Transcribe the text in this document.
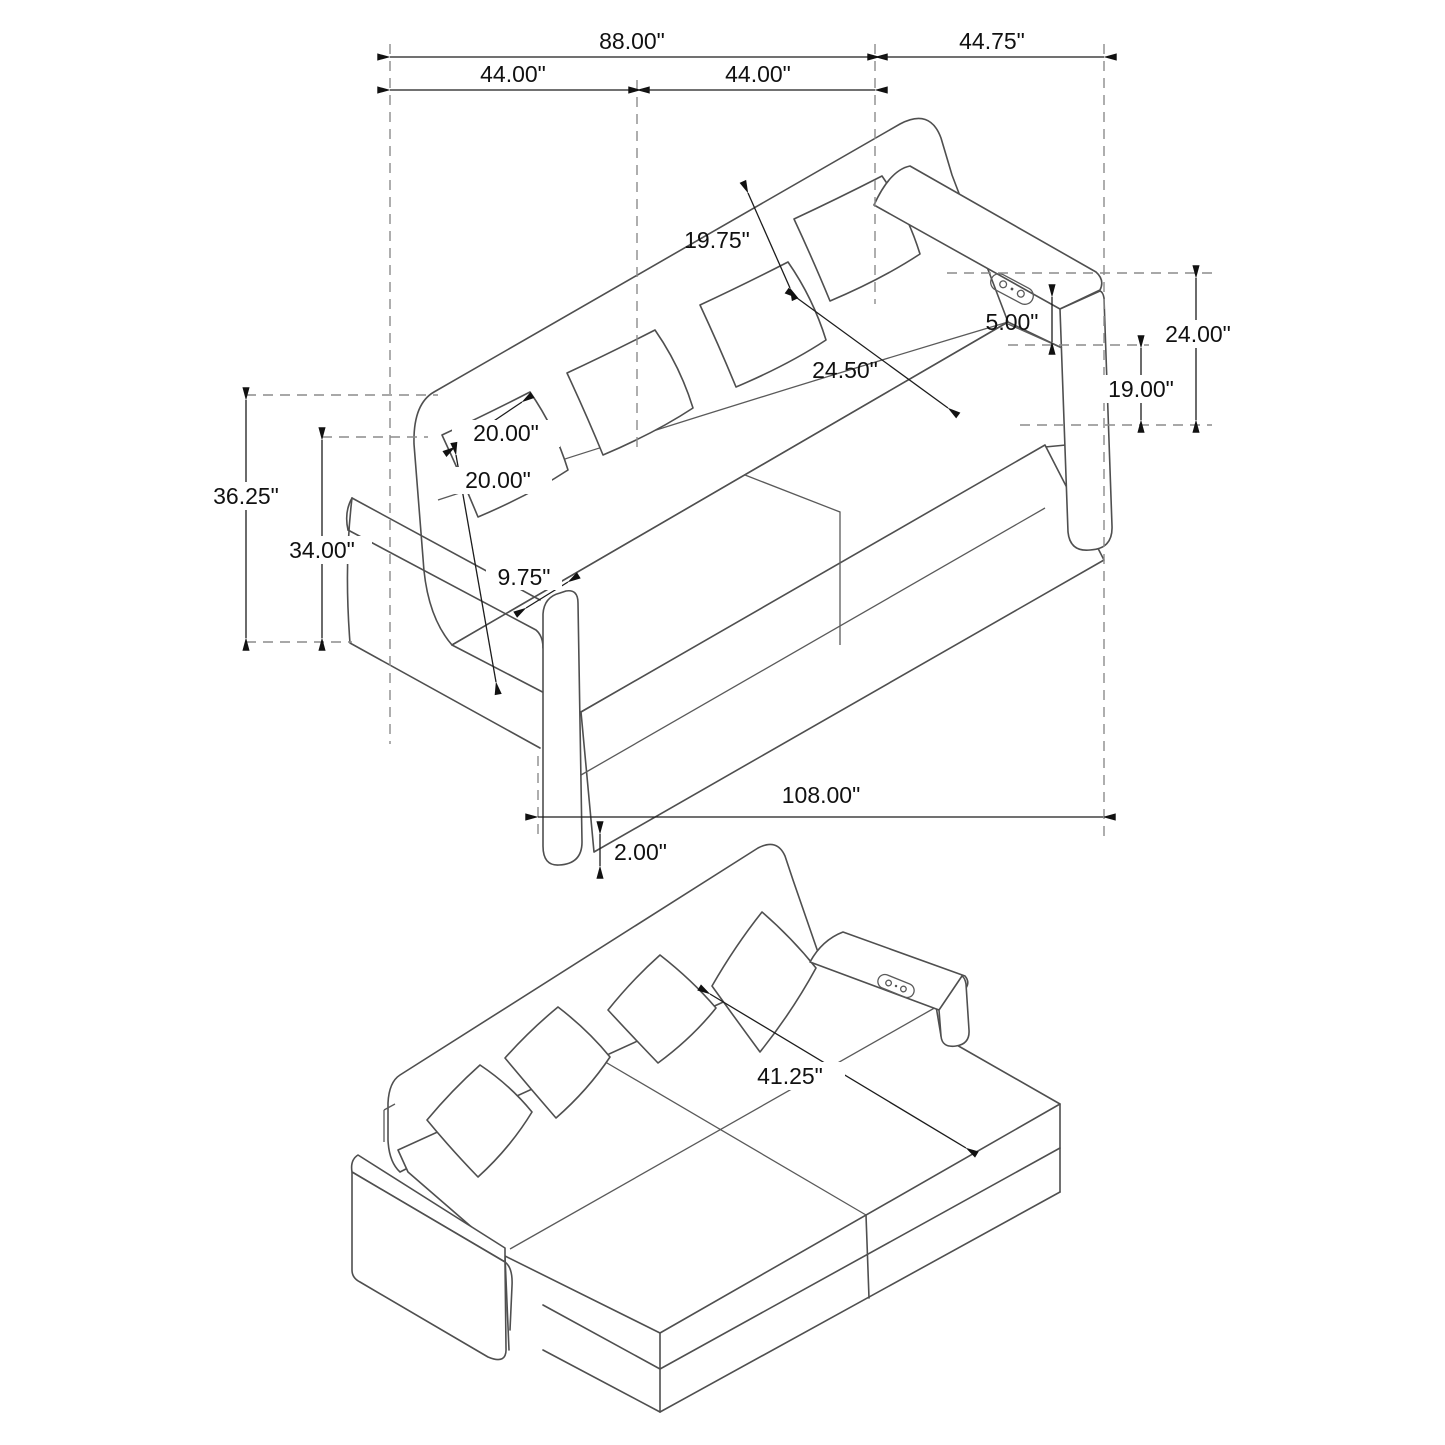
88.00"	44.75"
44.00"	44.00"
19.75"
24.50"
5.00"	24.00"
19.00"
20.00"
20.00"
36.25"
34.00"
9.75"
2.00"
108.00"
41.25"
